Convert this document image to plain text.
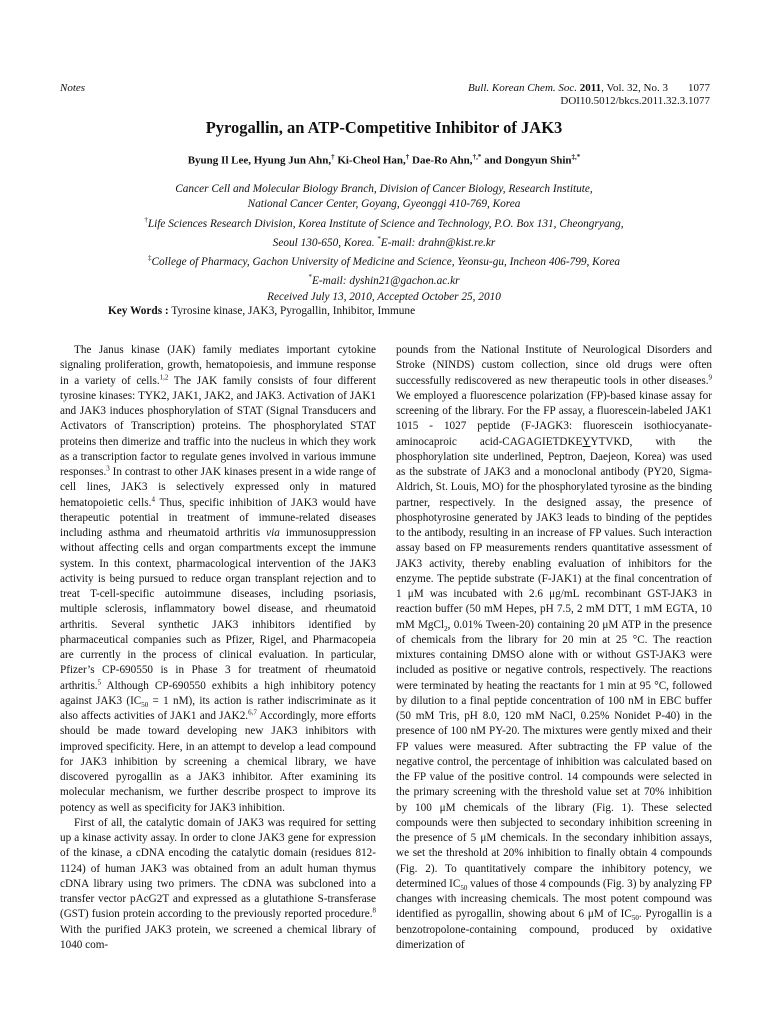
Notes	Bull. Korean Chem. Soc. 2011, Vol. 32, No. 3 1077
DOI10.5012/bkcs.2011.32.3.1077
Pyrogallin, an ATP-Competitive Inhibitor of JAK3
Byung Il Lee, Hyung Jun Ahn,† Ki-Cheol Han,† Dae-Ro Ahn,†,* and Dongyun Shin‡,*
Cancer Cell and Molecular Biology Branch, Division of Cancer Biology, Research Institute,
National Cancer Center, Goyang, Gyeonggi 410-769, Korea
†Life Sciences Research Division, Korea Institute of Science and Technology, P.O. Box 131, Cheongryang,
Seoul 130-650, Korea. *E-mail: drahn@kist.re.kr
‡College of Pharmacy, Gachon University of Medicine and Science, Yeonsu-gu, Incheon 406-799, Korea
*E-mail: dyshin21@gachon.ac.kr
Received July 13, 2010, Accepted October 25, 2010
Key Words : Tyrosine kinase, JAK3, Pyrogallin, Inhibitor, Immune

The Janus kinase (JAK) family mediates important cytokine signaling proliferation, growth, hematopoiesis, and immune response in a variety of cells.$^{1,2}$ The JAK family consists of four different tyrosine kinases: TYK2, JAK1, JAK2, and JAK3. Activation of JAK1 and JAK3 induces phosphorylation of STAT (Signal Transducers and Activators of Transcription) proteins. The phosphorylated STAT proteins then dimerize and traffic into the nucleus in which they work as a transcription factor to regulate genes involved in various immune responses.$^3$ In contrast to other JAK kinases present in a wide range of cell lines, JAK3 is selectively expressed only in matured hematopoietic cells.$^4$ Thus, specific inhibition of JAK3 would have therapeutic potential in treatment of immune-related diseases including asthma and rheumatoid arthritis via immunosuppression without affecting cells and organ compartments except the immune system. In this context, pharmacological intervention of the JAK3 activity is being pursued to reduce organ transplant rejection and to treat T-cell-specific autoimmune diseases, including psoriasis, multiple sclerosis, inflammatory bowel disease, and rheumatoid arthritis. Several synthetic JAK3 inhibitors identified by pharmaceutical companies such as Pfizer, Rigel, and Pharmacopeia are currently in the process of clinical evaluation. In particular, Pfizer’s CP-690550 is in Phase 3 for treatment of rheumatoid arthritis.$^5$ Although CP-690550 exhibits a high inhibitory potency against JAK3 ($IC_{50} = 1$ nM), its action is rather indiscriminate as it also affects activities of JAK1 and JAK2.$^{6,7}$ Accordingly, more efforts should be made toward developing new JAK3 inhibitors with improved specificity. Here, in an attempt to develop a lead compound for JAK3 inhibition by screening a chemical library, we have discovered pyrogallin as a JAK3 inhibitor. After examining its molecular mechanism, we further describe prospect to improve its potency as well as specificity for JAK3 inhibition.

First of all, the catalytic domain of JAK3 was required for setting up a kinase activity assay. In order to clone JAK3 gene for expression of the kinase, a cDNA encoding the catalytic domain (residues 812-1124) of human JAK3 was obtained from an adult human thymus cDNA library using two primers. The cDNA was subcloned into a transfer vector pAcG2T and expressed as a glutathione S-transferase (GST) fusion protein according to the previously reported procedure.$^8$ With the purified JAK3 protein, we screened a chemical library of 1040 com-

pounds from the National Institute of Neurological Disorders and Stroke (NINDS) custom collection, since old drugs were often successfully rediscovered as new therapeutic tools in other diseases.$^9$ We employed a fluorescence polarization (FP)-based kinase assay for screening of the library. For the FP assay, a fluorescein-labeled JAK1 1015 - 1027 peptide (F-JAGK3: fluorescein isothiocyanate-aminocaproic acid-CAGAGIETDKEYYTVKD, with the phosphorylation site underlined, Peptron, Daejeon, Korea) was used as the substrate of JAK3 and a monoclonal antibody (PY20, Sigma-Aldrich, St. Louis, MO) for the phosphorylated tyrosine as the binding partner, respectively. In the designed assay, the presence of phosphotyrosine generated by JAK3 leads to binding of the peptides to the antibody, resulting in an increase of FP values. Such interaction assay based on FP measurements renders quantitative assessment of JAK3 activity, thereby enabling evaluation of inhibitors for the enzyme. The peptide substrate (F-JAK1) at the final concentration of 1 μM was incubated with 2.6 μg/mL recombinant GST-JAK3 in reaction buffer (50 mM Hepes, pH 7.5, 2 mM DTT, 1 mM EGTA, 10 mM MgCl$_2$, 0.01% Tween-20) containing 20 μM ATP in the presence of chemicals from the library for 20 min at 25 °C. The reaction mixtures containing DMSO alone with or without GST-JAK3 were included as positive or negative controls, respectively. The reactions were terminated by heating the reactants for 1 min at 95 °C, followed by dilution to a final peptide concentration of 100 nM in EBC buffer (50 mM Tris, pH 8.0, 120 mM NaCl, 0.25% Nonidet P-40) in the presence of 100 nM PY-20. The mixtures were gently mixed and their FP values were measured. After subtracting the FP value of the negative control, the percentage of inhibition was calculated based on the FP value of the positive control. 14 compounds were selected in the primary screening with the threshold value set at 70% inhibition by 100 μM chemicals of the library (Fig. 1). These selected compounds were then subjected to secondary inhibition screening in the presence of 5 μM chemicals. In the secondary inhibition assays, we set the threshold at 20% inhibition to finally obtain 4 compounds (Fig. 2). To quantitatively compare the inhibitory potency, we determined $IC_{50}$ values of those 4 compounds (Fig. 3) by analyzing FP changes with increasing chemicals. The most potent compound was identified as pyrogallin, showing about 6 μM of $IC_{50}$. Pyrogallin is a benzotropolone-containing compound, produced by oxidative dimerization of
